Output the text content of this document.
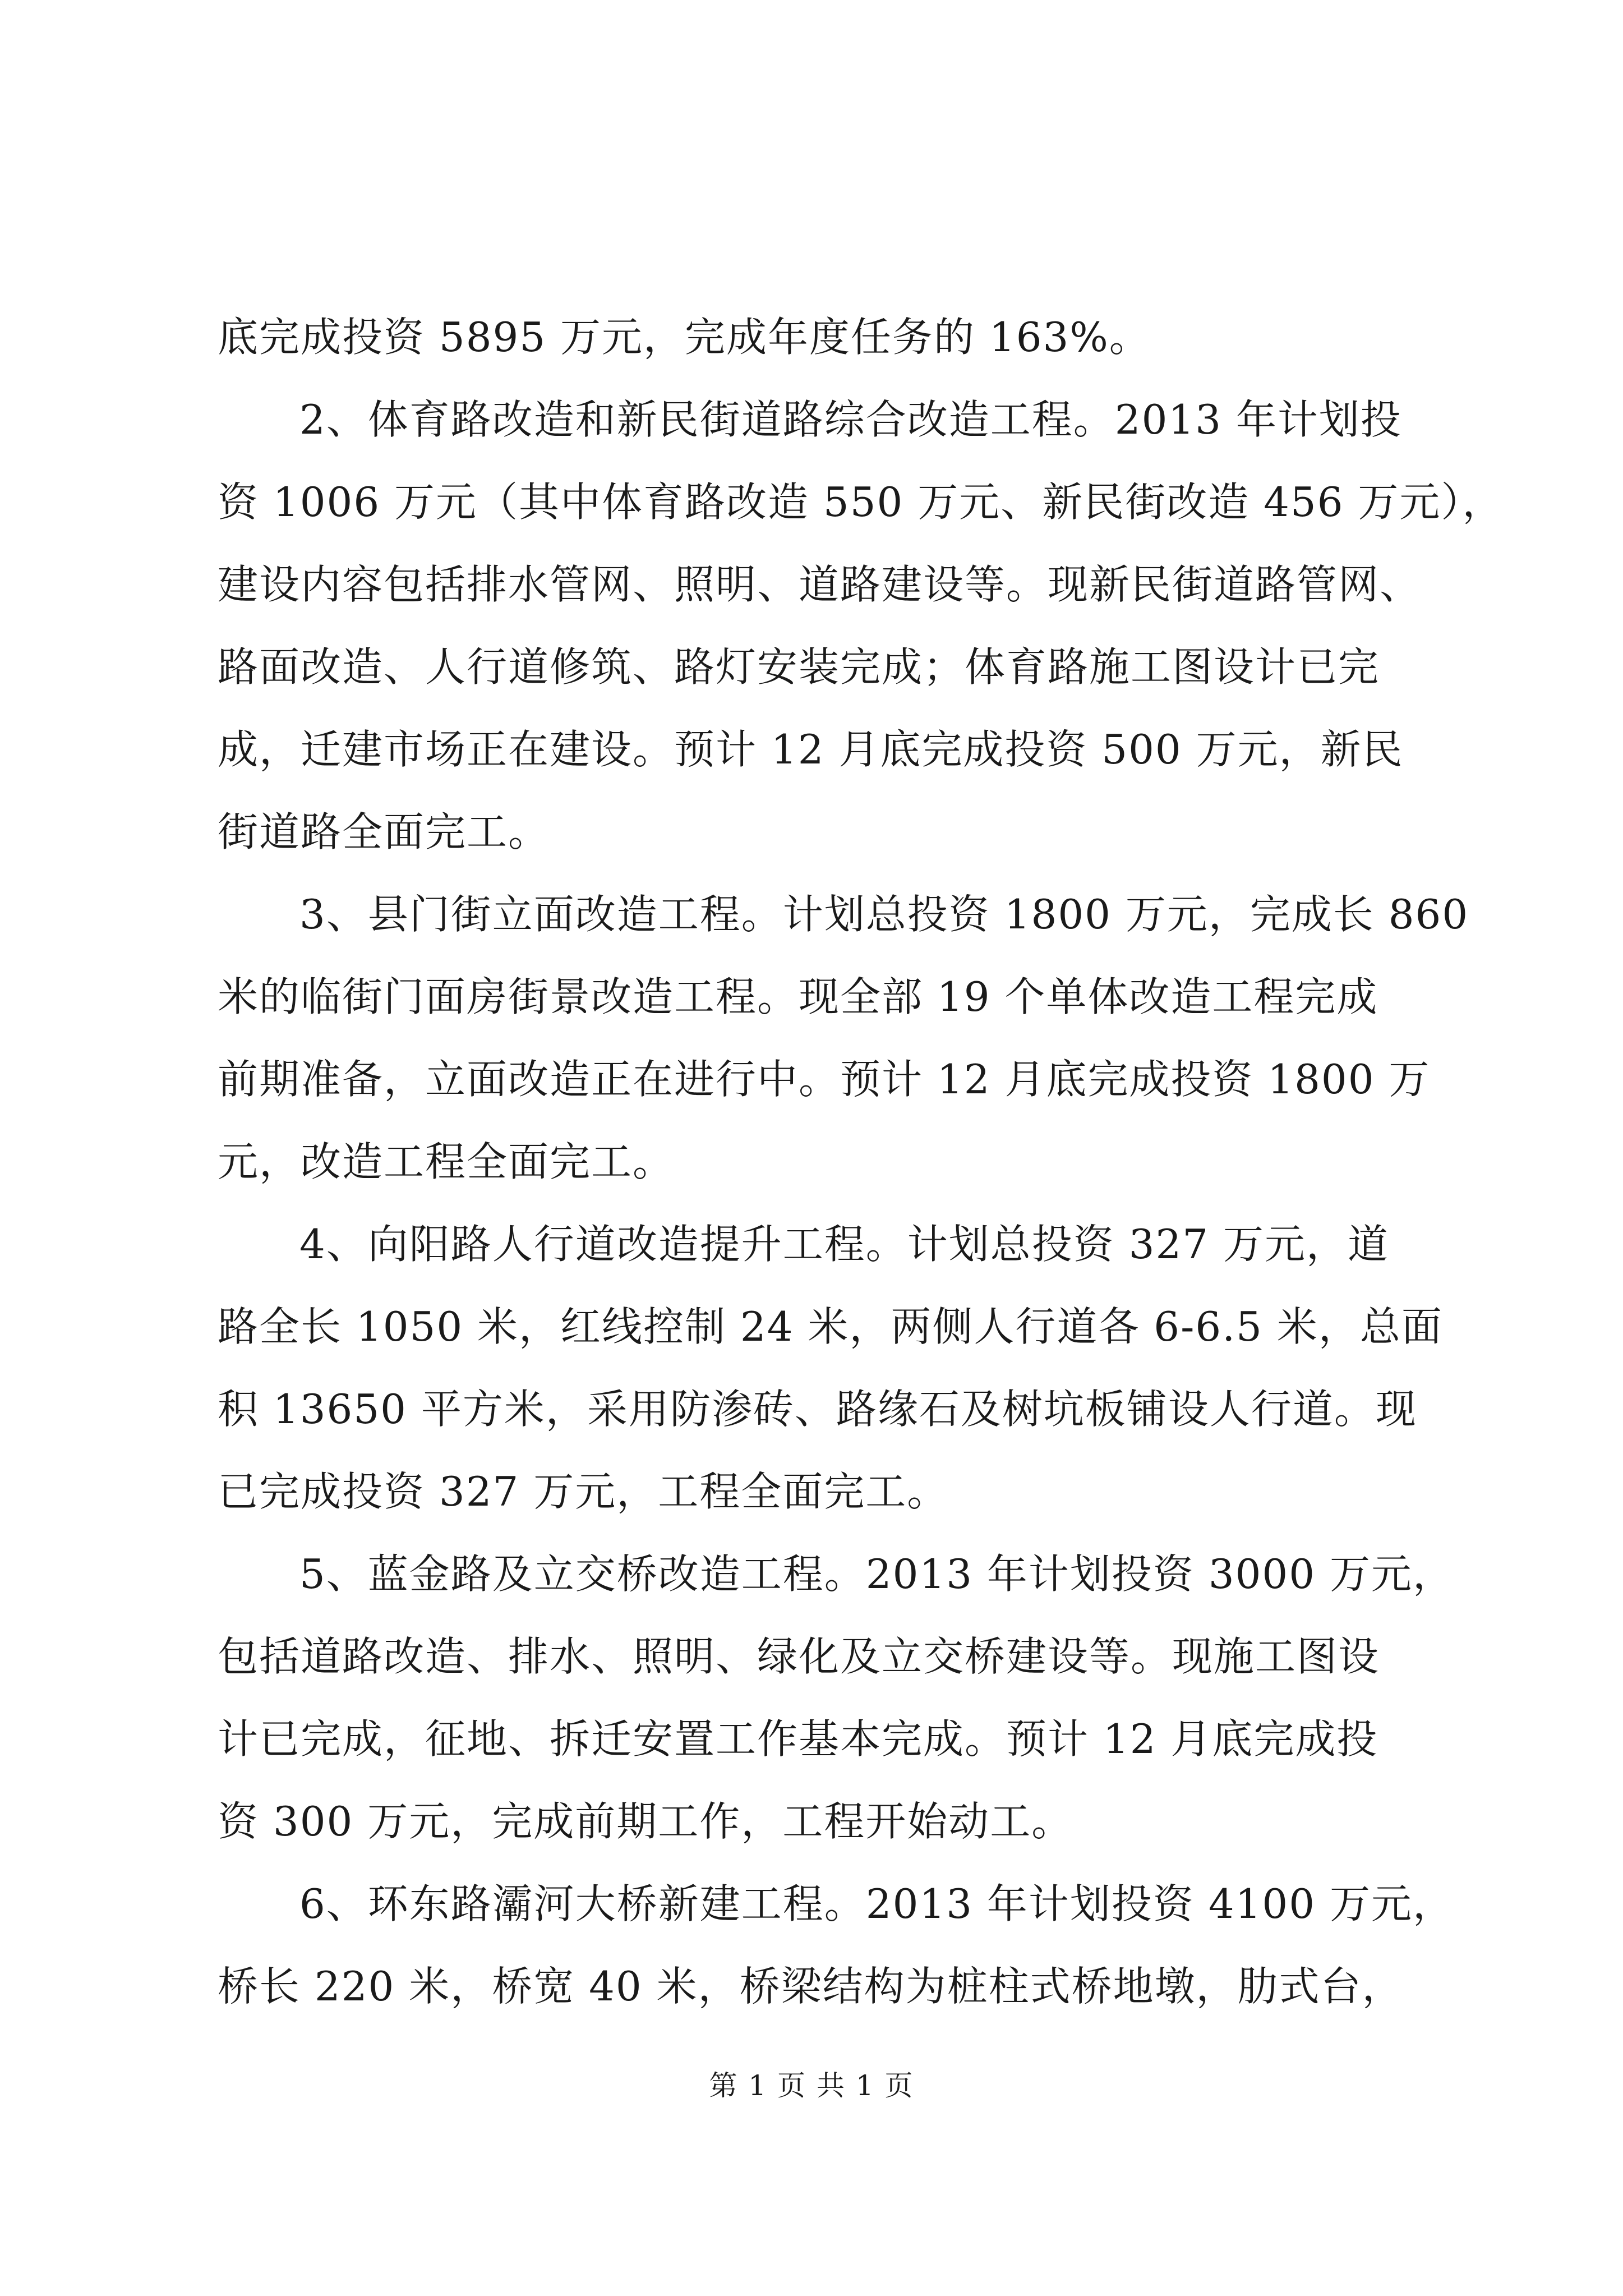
底完成投资 5895 万元，完成年度任务的 163%。
2、体育路改造和新民街道路综合改造工程。2013 年计划投
资 1006 万元（其中体育路改造 550 万元、新民街改造 456 万元），
建设内容包括排水管网、照明、道路建设等。现新民街道路管网、
路面改造、人行道修筑、路灯安装完成；体育路施工图设计已完
成，迁建市场正在建设。预计 12 月底完成投资 500 万元，新民
街道路全面完工。
3、县门街立面改造工程。计划总投资 1800 万元，完成长 860
米的临街门面房街景改造工程。现全部 19 个单体改造工程完成
前期准备，立面改造正在进行中。预计 12 月底完成投资 1800 万
元，改造工程全面完工。
4、向阳路人行道改造提升工程。计划总投资 327 万元，道
路全长 1050 米，红线控制 24 米，两侧人行道各 6-6.5 米，总面
积 13650 平方米，采用防渗砖、路缘石及树坑板铺设人行道。现
已完成投资 327 万元，工程全面完工。
5、蓝金路及立交桥改造工程。2013 年计划投资 3000 万元，
包括道路改造、排水、照明、绿化及立交桥建设等。现施工图设
计已完成，征地、拆迁安置工作基本完成。预计 12 月底完成投
资 300 万元，完成前期工作，工程开始动工。
6、环东路灞河大桥新建工程。2013 年计划投资 4100 万元，
桥长 220 米，桥宽 40 米，桥梁结构为桩柱式桥地墩，肋式台，
第 1 页 共 1 页
